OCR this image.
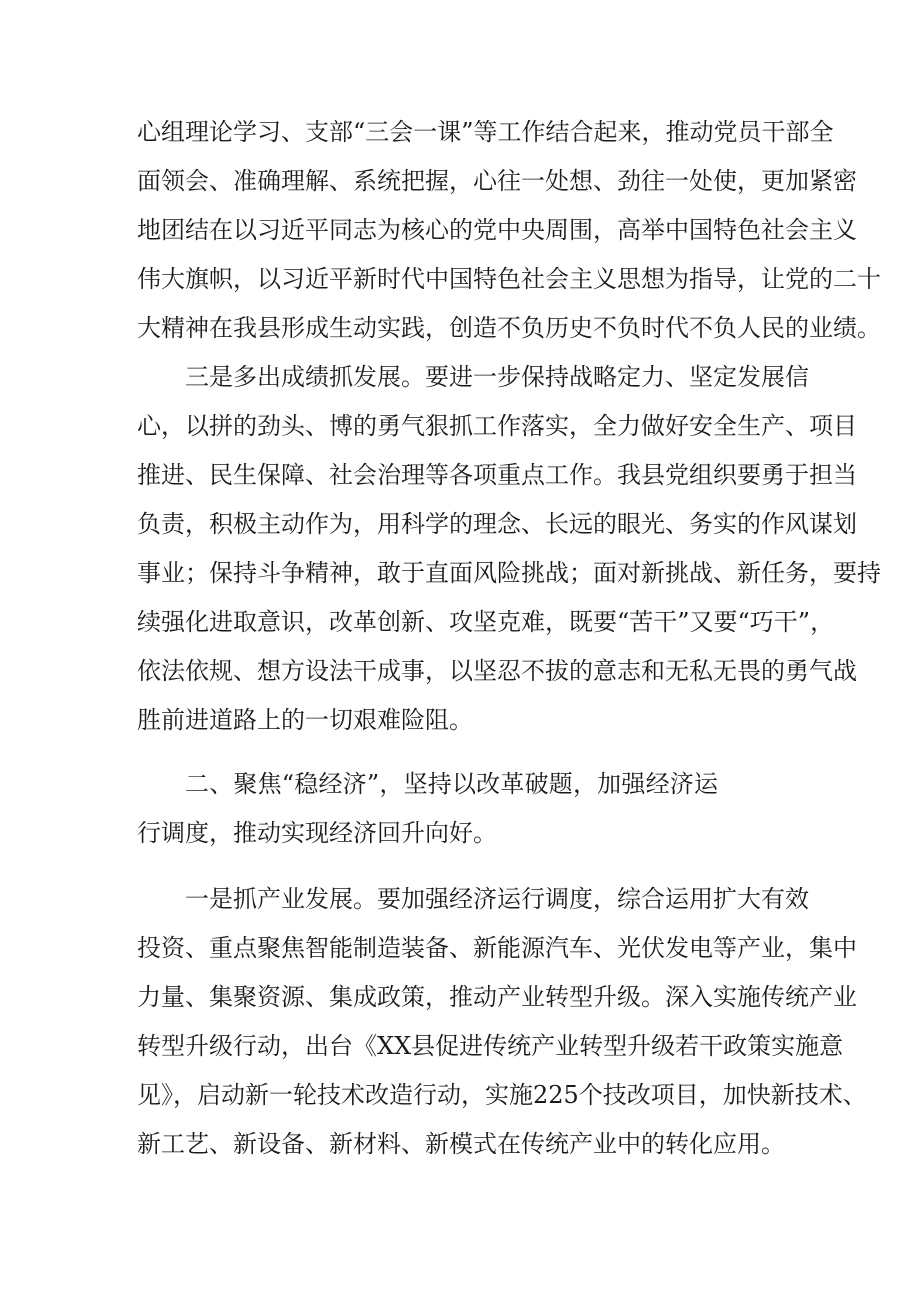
心组理论学习、支部“三会一课”等工作结合起来，推动党员干部全
面领会、准确理解、系统把握，心往一处想、劲往一处使，更加紧密
地团结在以习近平同志为核心的党中央周围，高举中国特色社会主义
伟大旗帜，以习近平新时代中国特色社会主义思想为指导，让党的二十
大精神在我县形成生动实践，创造不负历史不负时代不负人民的业绩。
三是多出成绩抓发展。要进一步保持战略定力、坚定发展信
心，以拼的劲头、博的勇气狠抓工作落实，全力做好安全生产、项目
推进、民生保障、社会治理等各项重点工作。我县党组织要勇于担当
负责，积极主动作为，用科学的理念、长远的眼光、务实的作风谋划
事业；保持斗争精神，敢于直面风险挑战；面对新挑战、新任务，要持
续强化进取意识，改革创新、攻坚克难，既要“苦干”又要“巧干”，
依法依规、想方设法干成事，以坚忍不拔的意志和无私无畏的勇气战
胜前进道路上的一切艰难险阻。
二、聚焦“稳经济”，坚持以改革破题，加强经济运
行调度，推动实现经济回升向好。
一是抓产业发展。要加强经济运行调度，综合运用扩大有效
投资、重点聚焦智能制造装备、新能源汽车、光伏发电等产业，集中
力量、集聚资源、集成政策，推动产业转型升级。深入实施传统产业
转型升级行动，出台《XX县促进传统产业转型升级若干政策实施意
见》，启动新一轮技术改造行动，实施225个技改项目，加快新技术、
新工艺、新设备、新材料、新模式在传统产业中的转化应用。
